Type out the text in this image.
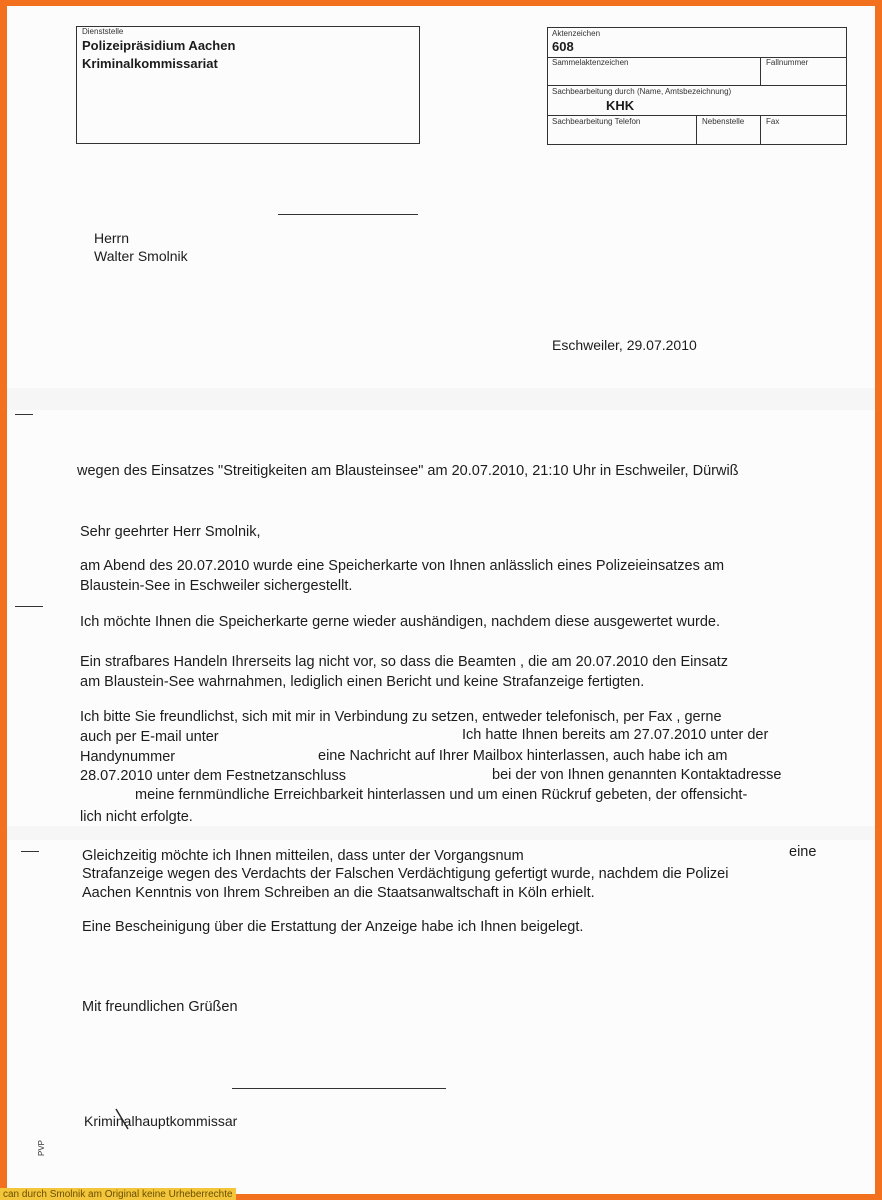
Dienststelle
Polizeipräsidium Aachen
Kriminalkommissariat
Aktenzeichen
608
Sammelaktenzeichen	Fallnummer
Sachbearbeitung durch (Name, Amtsbezeichnung)
KHK
Sachbearbeitung Telefon	Nebenstelle	Fax
Herrn
Walter Smolnik
Eschweiler, 29.07.2010
wegen des Einsatzes "Streitigkeiten am Blausteinsee" am 20.07.2010, 21:10 Uhr in Eschweiler, Dürwiß
Sehr geehrter Herr Smolnik,
am Abend des 20.07.2010 wurde eine Speicherkarte von Ihnen anlässlich eines Polizeieinsatzes am
Blaustein-See in Eschweiler sichergestellt.
Ich möchte Ihnen die Speicherkarte gerne wieder aushändigen, nachdem diese ausgewertet wurde.
Ein strafbares Handeln Ihrerseits lag nicht vor, so dass die Beamten , die am 20.07.2010 den Einsatz
am Blaustein-See wahrnahmen, lediglich einen Bericht und keine Strafanzeige fertigten.
Ich bitte Sie freundlichst, sich mit mir in Verbindung zu setzen, entweder telefonisch, per Fax , gerne
auch per E-mail unter	Ich hatte Ihnen bereits am 27.07.2010 unter der
Handynummer	eine Nachricht auf Ihrer Mailbox hinterlassen, auch habe ich am
28.07.2010 unter dem Festnetzanschluss	bei der von Ihnen genannten Kontaktadresse
meine fernmündliche Erreichbarkeit hinterlassen und um einen Rückruf gebeten, der offensicht-
lich nicht erfolgte.
Gleichzeitig möchte ich Ihnen mitteilen, dass unter der Vorgangsnum	eine
Strafanzeige wegen des Verdachts der Falschen Verdächtigung gefertigt wurde, nachdem die Polizei
Aachen Kenntnis von Ihrem Schreiben an die Staatsanwaltschaft in Köln erhielt.
Eine Bescheinigung über die Erstattung der Anzeige habe ich Ihnen beigelegt.
Mit freundlichen Grüßen
Kriminalhauptkommissar
PVP
can durch Smolnik am Original keine Urheberrechte
